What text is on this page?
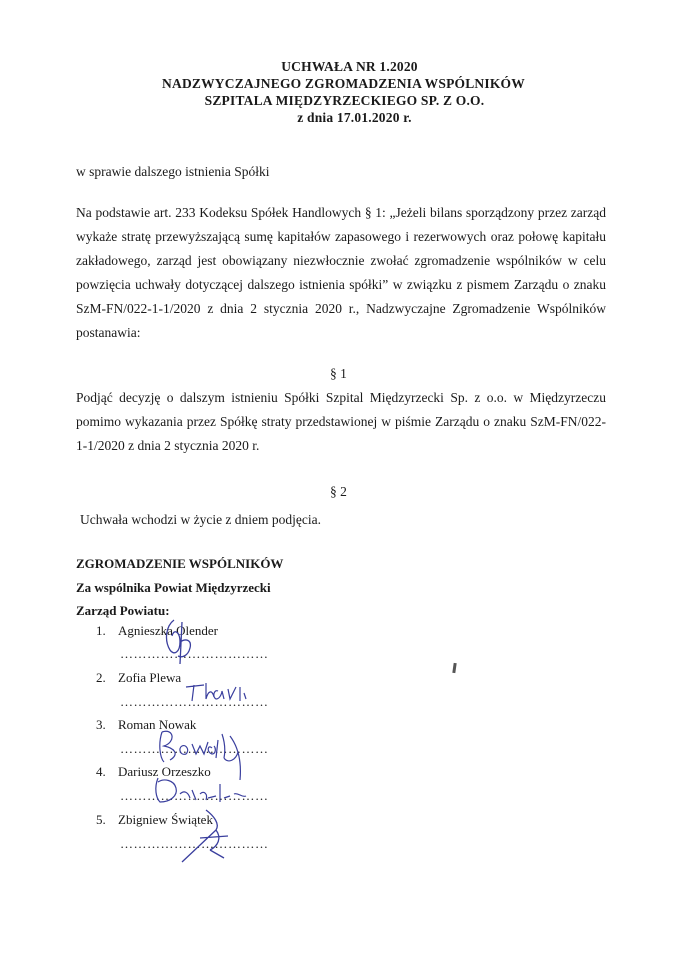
UCHWAŁA NR 1.2020
NADZWYCZAJNEGO ZGROMADZENIA WSPÓLNIKÓW
SZPITALA MIĘDZYRZECKIEGO SP. Z O.O.
z dnia 17.01.2020 r.
w sprawie dalszego istnienia Spółki
Na podstawie art. 233 Kodeksu Spółek Handlowych § 1: „Jeżeli bilans sporządzony przez zarząd wykaże stratę przewyższającą sumę kapitałów zapasowego i rezerwowych oraz połowę kapitału zakładowego, zarząd jest obowiązany niezwłocznie zwołać zgromadzenie wspólników w celu powzięcia uchwały dotyczącej dalszego istnienia spółki” w związku z pismem Zarządu o znaku SzM-FN/022-1-1/2020 z dnia 2 stycznia 2020 r., Nadzwyczajne Zgromadzenie Wspólników postanawia:
§ 1
Podjąć decyzję o dalszym istnieniu Spółki Szpital Międzyrzecki Sp. z o.o. w Międzyrzeczu pomimo wykazania przez Spółkę straty przedstawionej w piśmie Zarządu o znaku SzM-FN/022-1-1/2020 z dnia 2 stycznia 2020 r.
§ 2
Uchwała wchodzi w życie z dniem podjęcia.
ZGROMADZENIE WSPÓLNIKÓW
Za wspólnika Powiat Międzyrzecki
Zarząd Powiatu:
1. Agnieszka Olender
……………………………
2. Zofia Plewa
……………………………
3. Roman Nowak
……………………………
4. Dariusz Orzeszko
……………………………
5. Zbigniew Świątek
……………………………
